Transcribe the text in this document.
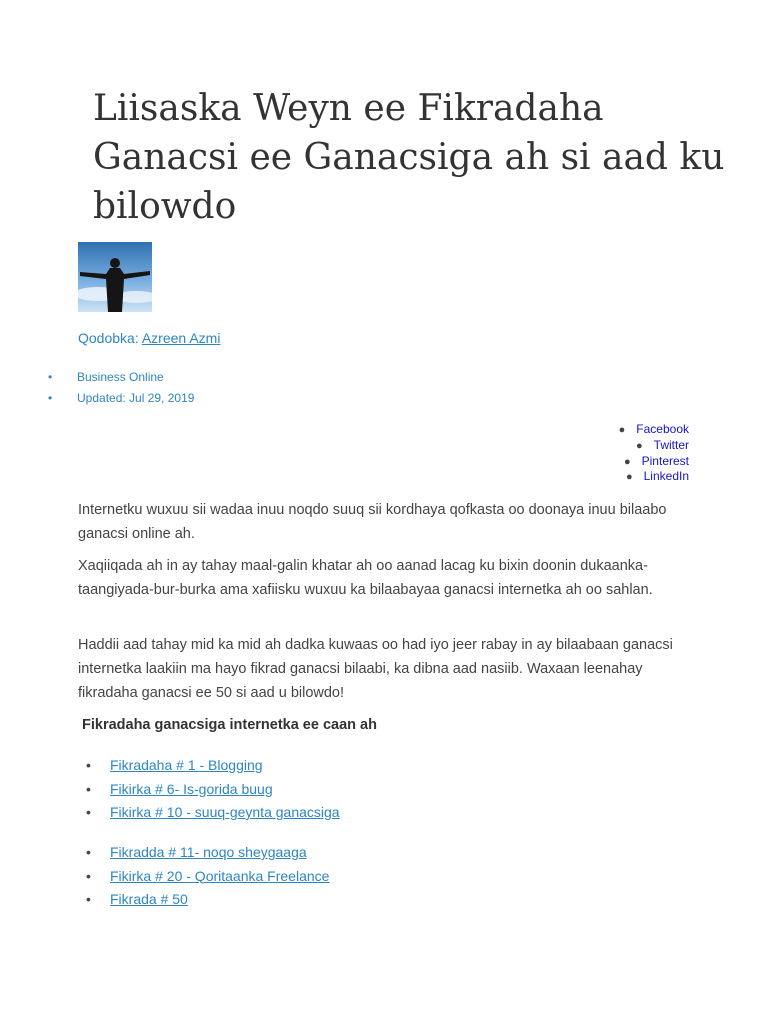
Liisaska Weyn ee Fikradaha Ganacsi ee Ganacsiga ah si aad ku bilowdo
Qodobka: Azreen Azmi
• Business Online
• Updated: Jul 29, 2019
● Facebook
● Twitter
● Pinterest
● LinkedIn

Internetku wuxuu sii wadaa inuu noqdo suuq sii kordhaya qofkasta oo doonaya inuu bilaabo ganacsi online ah.

Xaqiiqada ah in ay tahay maal-galin khatar ah oo aanad lacag ku bixin doonin dukaanka-taangiyada-bur-burka ama xafiisku wuxuu ka bilaabayaa ganacsi internetka ah oo sahlan.

Haddii aad tahay mid ka mid ah dadka kuwaas oo had iyo jeer rabay in ay bilaabaan ganacsi internetka laakiin ma hayo fikrad ganacsi bilaabi, ka dibna aad nasiib. Waxaan leenahay fikradaha ganacsi ee 50 si aad u bilowdo!

Fikradaha ganacsiga internetka ee caan ah
• Fikradaha # 1 - Blogging
• Fikirka # 6- Is-gorida buug
• Fikirka # 10 - suuq-geynta ganacsiga
• Fikradda # 11- noqo sheygaaga
• Fikirka # 20 - Qoritaanka Freelance
• Fikrada # 50
